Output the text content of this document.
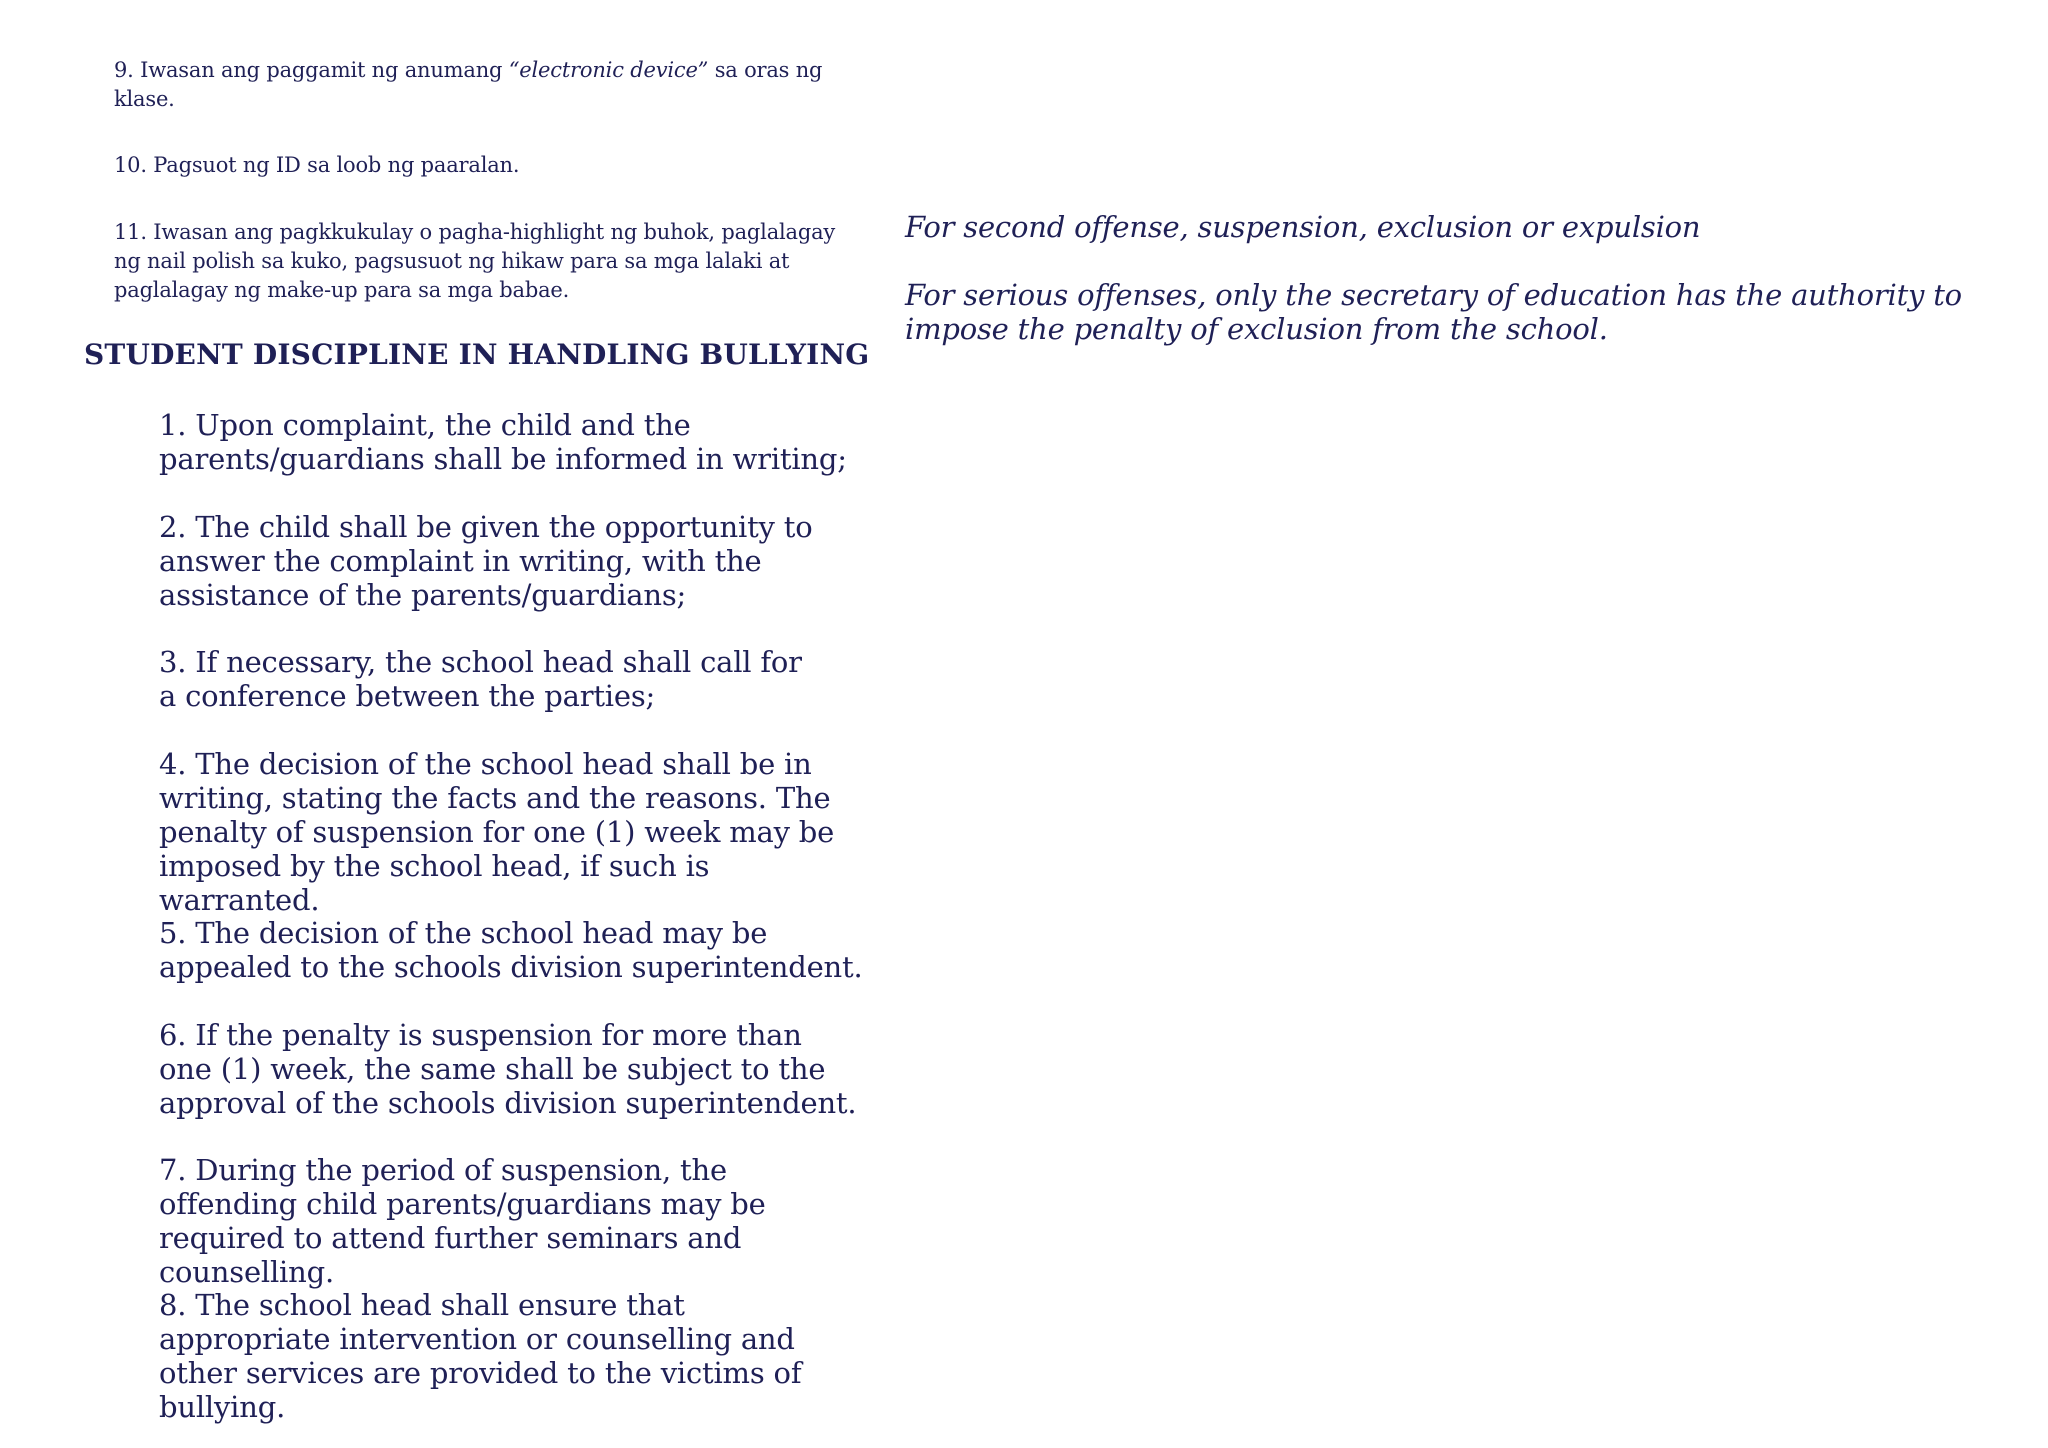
9. Iwasan ang paggamit ng anumang “electronic device” sa oras ng klase.

10. Pagsuot ng ID sa loob ng paaralan.

11. Iwasan ang pagkkukulay o pagha-highlight ng buhok, paglalagay ng nail polish sa kuko, pagsusuot ng hikaw para sa mga lalaki at paglalagay ng make-up para sa mga babae.

STUDENT DISCIPLINE IN HANDLING BULLYING

1. Upon complaint, the child and the parents/guardians shall be informed in writing;

2. The child shall be given the opportunity to answer the complaint in writing, with the assistance of the parents/guardians;

3. If necessary, the school head shall call for a conference between the parties;

4. The decision of the school head shall be in writing, stating the facts and the reasons. The penalty of suspension for one (1) week may be imposed by the school head, if such is warranted.

5. The decision of the school head may be appealed to the schools division superintendent.

6. If the penalty is suspension for more than one (1) week, the same shall be subject to the approval of the schools division superintendent.

7. During the period of suspension, the offending child parents/guardians may be required to attend further seminars and counselling.

8. The school head shall ensure that appropriate intervention or counselling and other services are provided to the victims of bullying.

For second offense, suspension, exclusion or expulsion

For serious offenses, only the secretary of education has the authority to impose the penalty of exclusion from the school.
